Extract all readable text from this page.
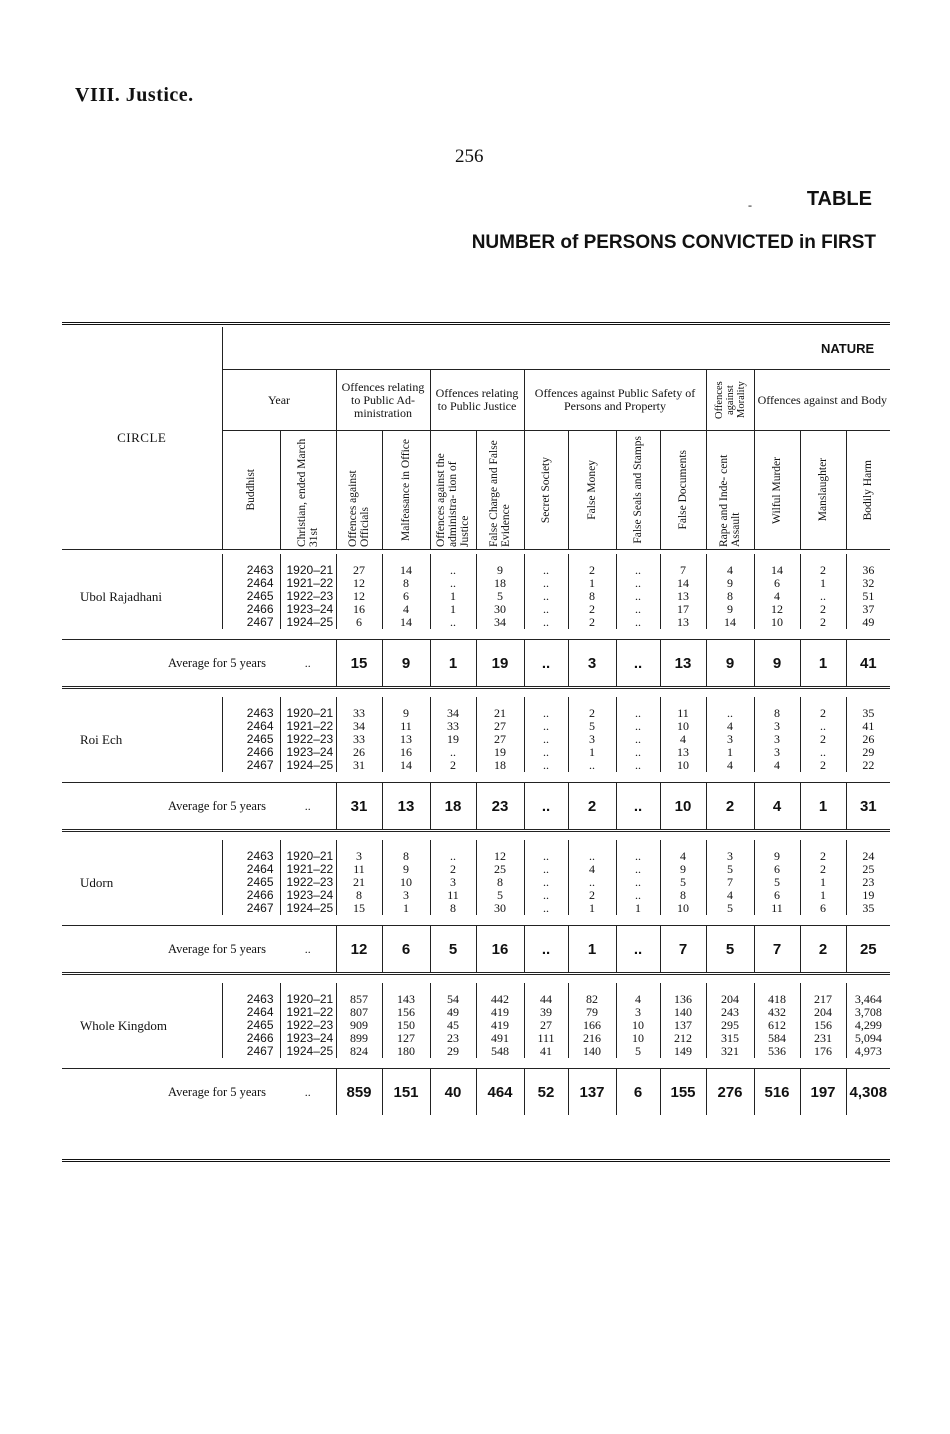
VIII. Justice.
256
-	TABLE
NUMBER of PERSONS CONVICTED in FIRST
CIRCLE	NATURE													
	Year		Offences relating to Public Ad- ministration		Offences relating to Public Justice		Offences against Public Safety of Persons and Property				Offences against Morality	Offences against and Body		

	Buddhist	Christian, ended March 31st	Offences against Officials	Malfeasance in Office	Offences against the administra- tion of Justice	False Charge and False Evidence	Secret Society	False Money	False Seals and Stamps	False Documents	Rape and Inde- cent Assault	Wilful Murder	Manslaughter	Bodily Harm

Ubol Rajadhani	2463	1920–21	27	14	..	9	..	2	..	7	4	14	2	36
	2464	1921–22	12	8	..	18	..	1	..	14	9	6	1	32
	2465	1922–23	12	6	1	5	..	8	..	13	8	4	..	51
	2466	1923–24	16	4	1	30	..	2	..	17	9	12	2	37
	2467	1924–25	6	14	..	34	..	2	..	13	14	10	2	49

Average for 5 years		..	15	9	1	19	..	3	..	13	9	9	1	41

Roi Ech	2463	1920–21	33	9	34	21	..	2	..	11	..	8	2	35
	2464	1921–22	34	11	33	27	..	5	..	10	4	3	..	41
	2465	1922–23	33	13	19	27	..	3	..	4	3	3	2	26
	2466	1923–24	26	16	..	19	..	1	..	13	1	3	..	29
	2467	1924–25	31	14	2	18	..	..	..	10	4	4	2	22

Average for 5 years		..	31	13	18	23	..	2	..	10	2	4	1	31

Udorn	2463	1920–21	3	8	..	12	..	..	..	4	3	9	2	24
	2464	1921–22	11	9	2	25	..	4	..	9	5	6	2	25
	2465	1922–23	21	10	3	8	..	..	..	5	7	5	1	23
	2466	1923–24	8	3	11	5	..	2	..	8	4	6	1	19
	2467	1924–25	15	1	8	30	..	1	1	10	5	11	6	35

Average for 5 years		..	12	6	5	16	..	1	..	7	5	7	2	25

Whole Kingdom	2463	1920–21	857	143	54	442	44	82	4	136	204	418	217	3,464
	2464	1921–22	807	156	49	419	39	79	3	140	243	432	204	3,708
	2465	1922–23	909	150	45	419	27	166	10	137	295	612	156	4,299
	2466	1923–24	899	127	23	491	111	216	10	212	315	584	231	5,094
	2467	1924–25	824	180	29	548	41	140	5	149	321	536	176	4,973

Average for 5 years		..	859	151	40	464	52	137	6	155	276	516	197	4,308
